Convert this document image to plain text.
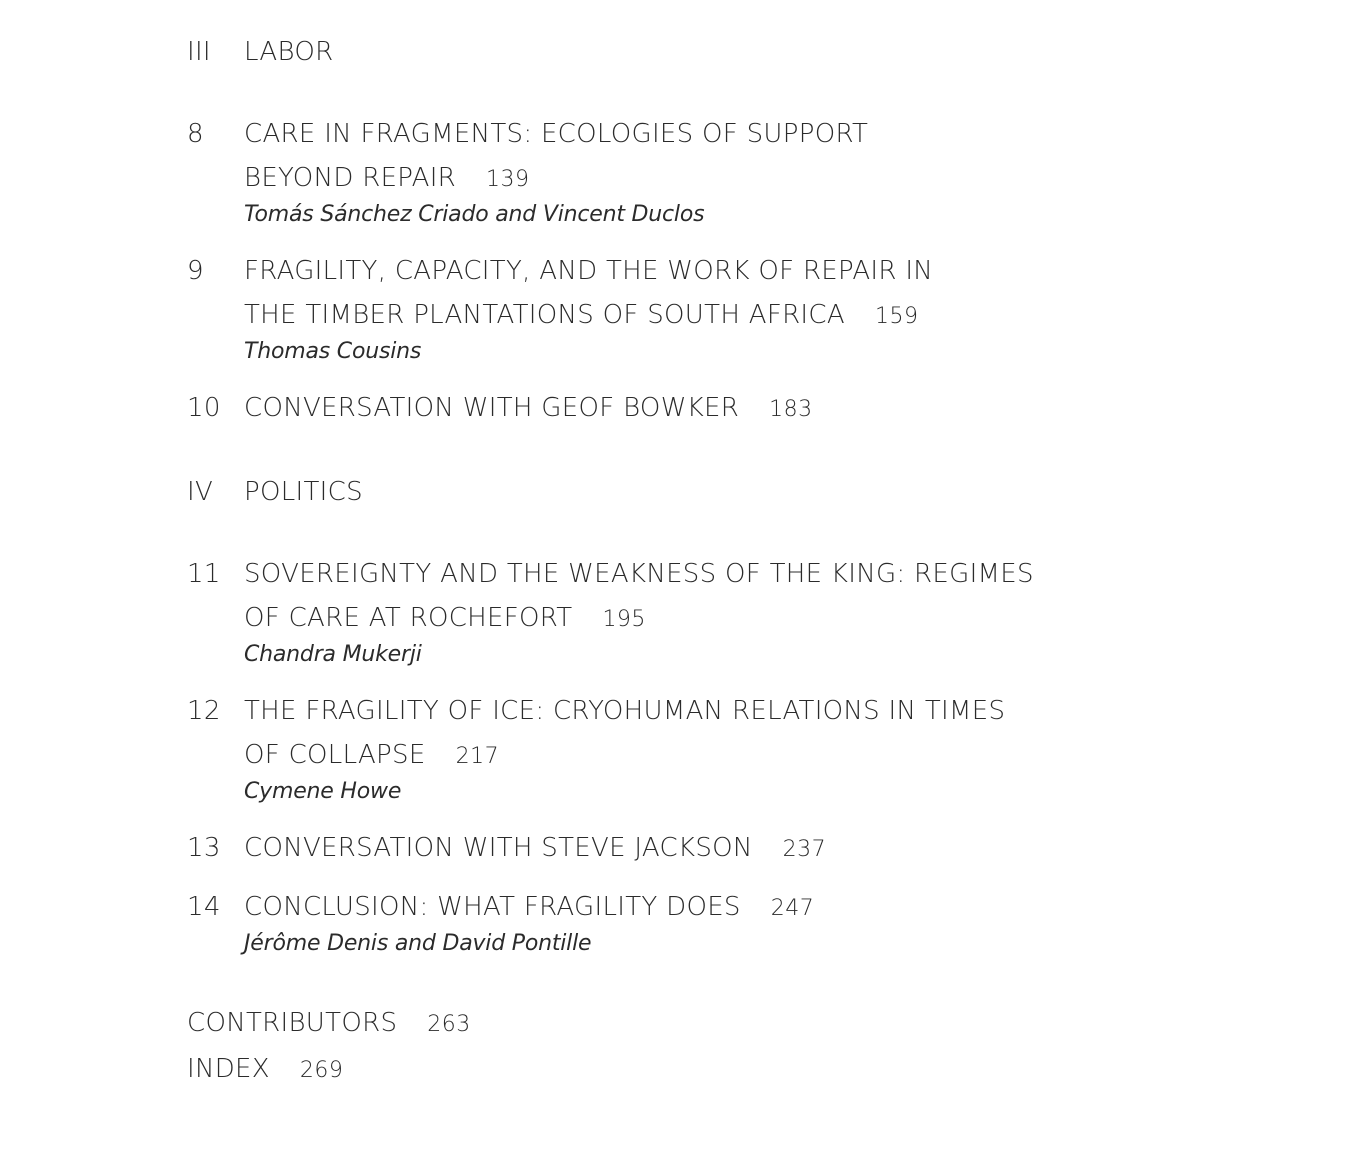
III	LABOR
8	CARE IN FRAGMENTS: ECOLOGIES OF SUPPORT
BEYOND REPAIR 139
Tomás Sánchez Criado and Vincent Duclos
9	FRAGILITY, CAPACITY, AND THE WORK OF REPAIR IN
THE TIMBER PLANTATIONS OF SOUTH AFRICA 159
Thomas Cousins
10 CONVERSATION WITH GEOF BOWKER 183
IV	POLITICS
11 SOVEREIGNTY AND THE WEAKNESS OF THE KING: REGIMES
OF CARE AT ROCHEFORT 195
Chandra Mukerji
12 THE FRAGILITY OF ICE: CRYOHUMAN RELATIONS IN TIMES
OF COLLAPSE 217
Cymene Howe
13 CONVERSATION WITH STEVE JACKSON 237
14 CONCLUSION: WHAT FRAGILITY DOES 247
Jérôme Denis and David Pontille
CONTRIBUTORS 263
INDEX 269
